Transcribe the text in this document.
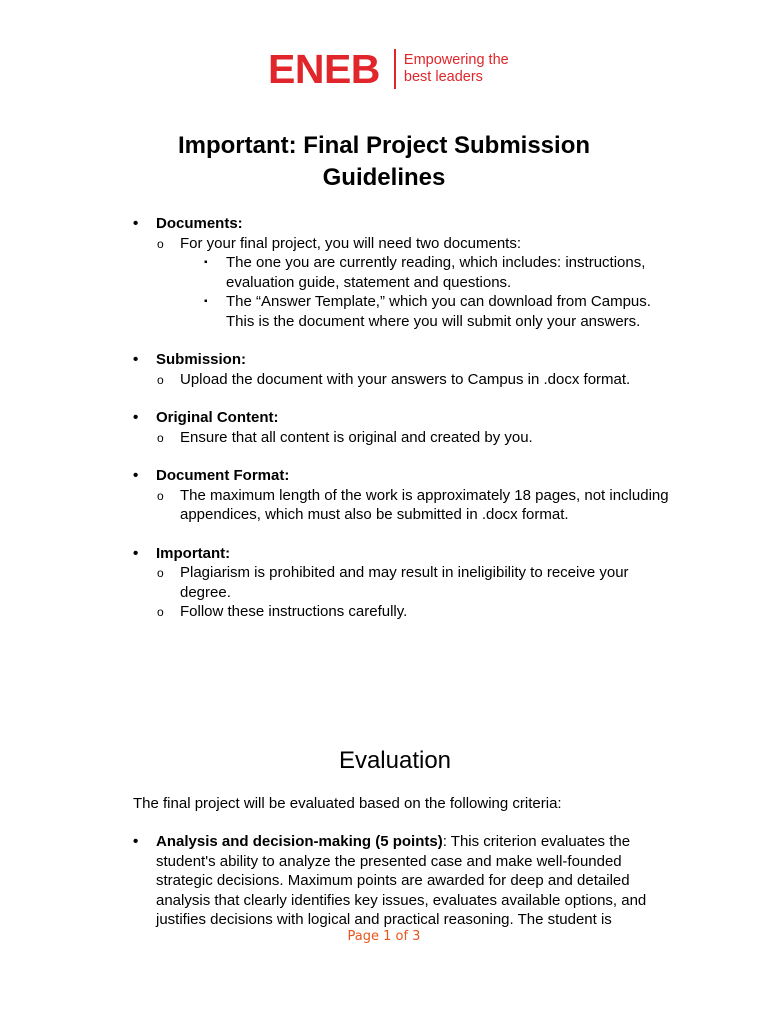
ENEB Empowering the
best leaders
Important: Final Project Submission Guidelines
• Documents:
o For your final project, you will need two documents:
▪ The one you are currently reading, which includes: instructions, evaluation guide, statement and questions.
▪ The “Answer Template,” which you can download from Campus. This is the document where you will submit only your answers.
• Submission:
o Upload the document with your answers to Campus in .docx format.
• Original Content:
o Ensure that all content is original and created by you.
• Document Format:
o The maximum length of the work is approximately 18 pages, not including appendices, which must also be submitted in .docx format.
• Important:
o Plagiarism is prohibited and may result in ineligibility to receive your degree.
o Follow these instructions carefully.
Evaluation

The final project will be evaluated based on the following criteria:

• Analysis and decision-making (5 points): This criterion evaluates the student's ability to analyze the presented case and make well-founded strategic decisions. Maximum points are awarded for deep and detailed analysis that clearly identifies key issues, evaluates available options, and justifies decisions with logical and practical reasoning. The student is
Page 1 of 3
